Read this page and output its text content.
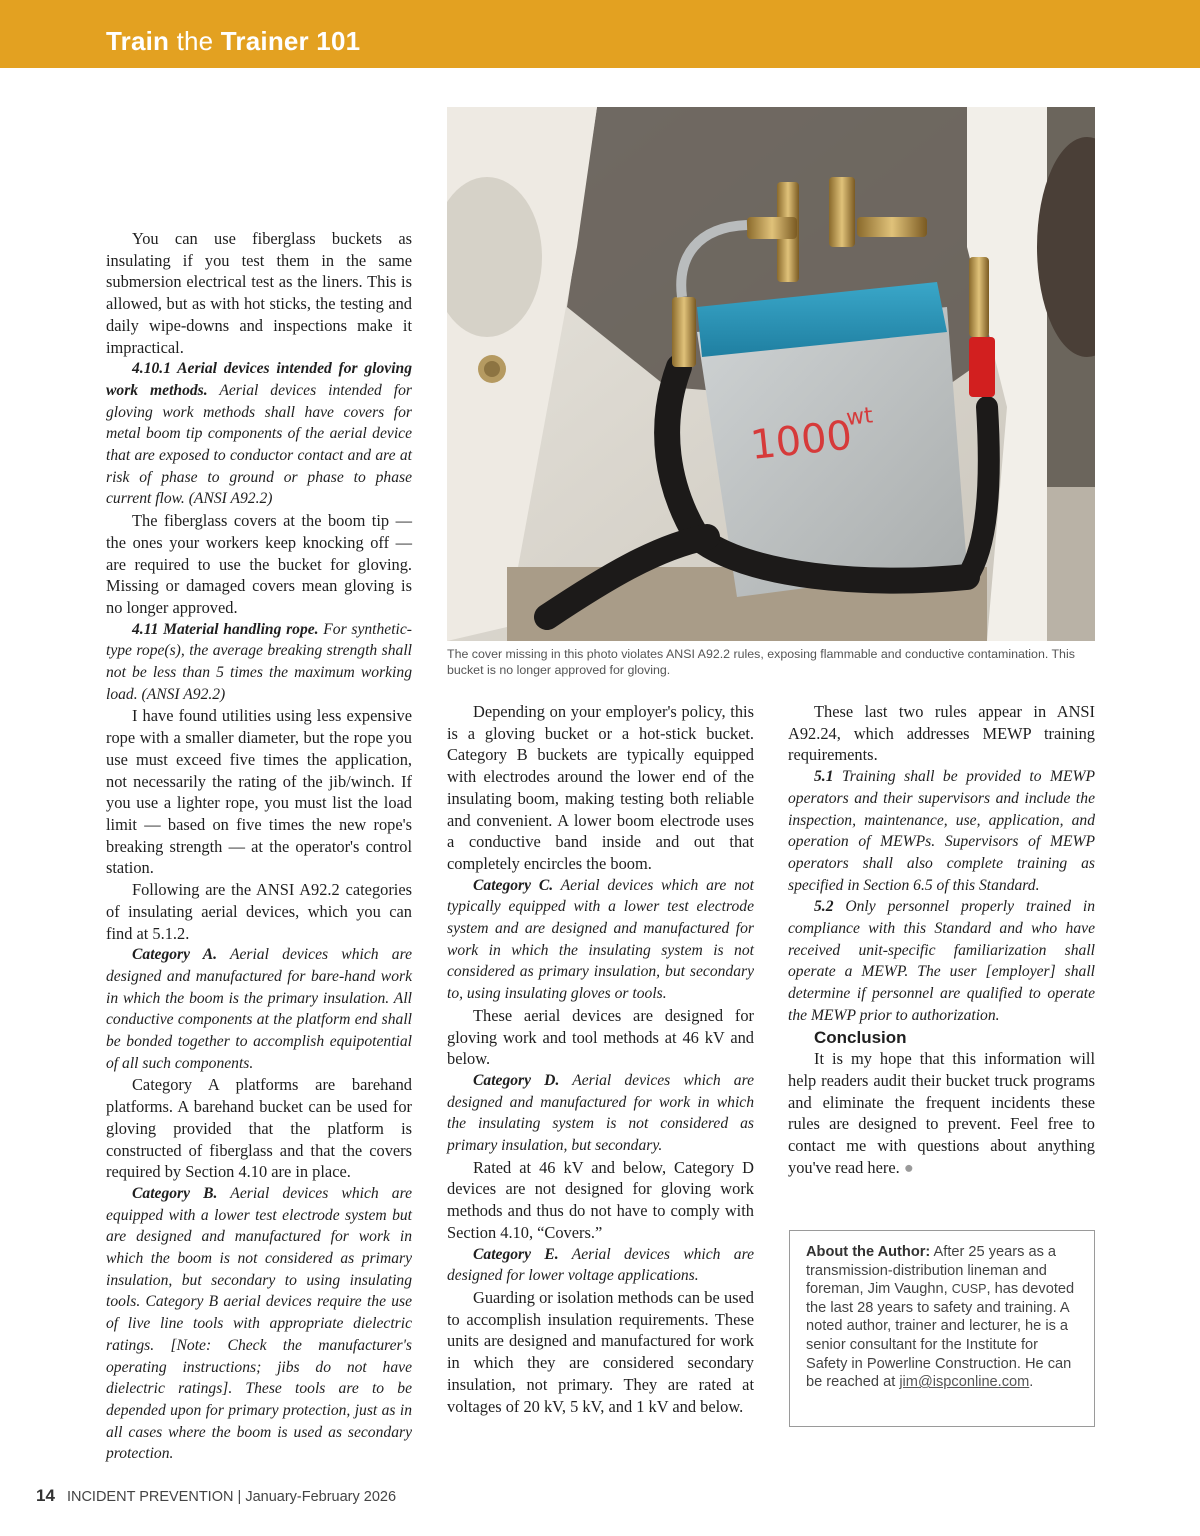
Train the Trainer 101
1000
wt
The cover missing in this photo violates ANSI A92.2 rules, exposing flammable and conductive contamination. This bucket is no longer approved for gloving.

You can use fiberglass buckets as insulating if you test them in the same submersion electrical test as the liners. This is allowed, but as with hot sticks, the testing and daily wipe-downs and inspections make it impractical.

4.10.1 Aerial devices intended for gloving work methods. Aerial devices intended for gloving work methods shall have covers for metal boom tip components of the aerial device that are exposed to conductor contact and are at risk of phase to ground or phase to phase current flow. (ANSI A92.2)

The fiberglass covers at the boom tip — the ones your workers keep knocking off — are required to use the bucket for gloving. Missing or damaged covers mean gloving is no longer approved.

4.11 Material handling rope. For synthetic-type rope(s), the average breaking strength shall not be less than 5 times the maximum working load. (ANSI A92.2)

I have found utilities using less expensive rope with a smaller diameter, but the rope you use must exceed five times the application, not necessarily the rating of the jib/winch. If you use a lighter rope, you must list the load limit — based on five times the new rope's breaking strength — at the operator's control station.

Following are the ANSI A92.2 categories of insulating aerial devices, which you can find at 5.1.2.

Category A. Aerial devices which are designed and manufactured for bare-hand work in which the boom is the primary insulation. All conductive components at the platform end shall be bonded together to accomplish equipotential of all such components.

Category A platforms are barehand platforms. A barehand bucket can be used for gloving provided that the platform is constructed of fiberglass and that the covers required by Section 4.10 are in place.

Category B. Aerial devices which are equipped with a lower test electrode system but are designed and manufactured for work in which the boom is not considered as primary insulation, but secondary to using insulating tools. Category B aerial devices require the use of live line tools with appropriate dielectric ratings. [Note: Check the manufacturer's operating instructions; jibs do not have dielectric ratings]. These tools are to be depended upon for primary protection, just as in all cases where the boom is used as secondary protection.

Depending on your employer's policy, this is a gloving bucket or a hot-stick bucket. Category B buckets are typically equipped with electrodes around the lower end of the insulating boom, making testing both reliable and convenient. A lower boom electrode uses a conductive band inside and out that completely encircles the boom.

Category C. Aerial devices which are not typically equipped with a lower test electrode system and are designed and manufactured for work in which the insulating system is not considered as primary insulation, but secondary to, using insulating gloves or tools.

These aerial devices are designed for gloving work and tool methods at 46 kV and below.

Category D. Aerial devices which are designed and manufactured for work in which the insulating system is not considered as primary insulation, but secondary.

Rated at 46 kV and below, Category D devices are not designed for gloving work methods and thus do not have to comply with Section 4.10, “Covers.”

Category E. Aerial devices which are designed for lower voltage applications.

Guarding or isolation methods can be used to accomplish insulation requirements. These units are designed and manufactured for work in which they are considered secondary insulation, not primary. They are rated at voltages of 20 kV, 5 kV, and 1 kV and below.

These last two rules appear in ANSI A92.24, which addresses MEWP training requirements.

5.1 Training shall be provided to MEWP operators and their supervisors and include the inspection, maintenance, use, application, and operation of MEWPs. Supervisors of MEWP operators shall also complete training as specified in Section 6.5 of this Standard.

5.2 Only personnel properly trained in compliance with this Standard and who have received unit-specific familiarization shall operate a MEWP. The user [employer] shall determine if personnel are qualified to operate the MEWP prior to authorization.

Conclusion

It is my hope that this information will help readers audit their bucket truck programs and eliminate the frequent incidents these rules are designed to prevent. Feel free to contact me with questions about anything you've read here. ●

About the Author: After 25 years as a transmission-distribution lineman and foreman, Jim Vaughn, CUSP, has devoted the last 28 years to safety and training. A noted author, trainer and lecturer, he is a senior consultant for the Institute for Safety in Powerline Construction. He can be reached at jim@ispconline.com.
14 INCIDENT PREVENTION | January-February 2026
